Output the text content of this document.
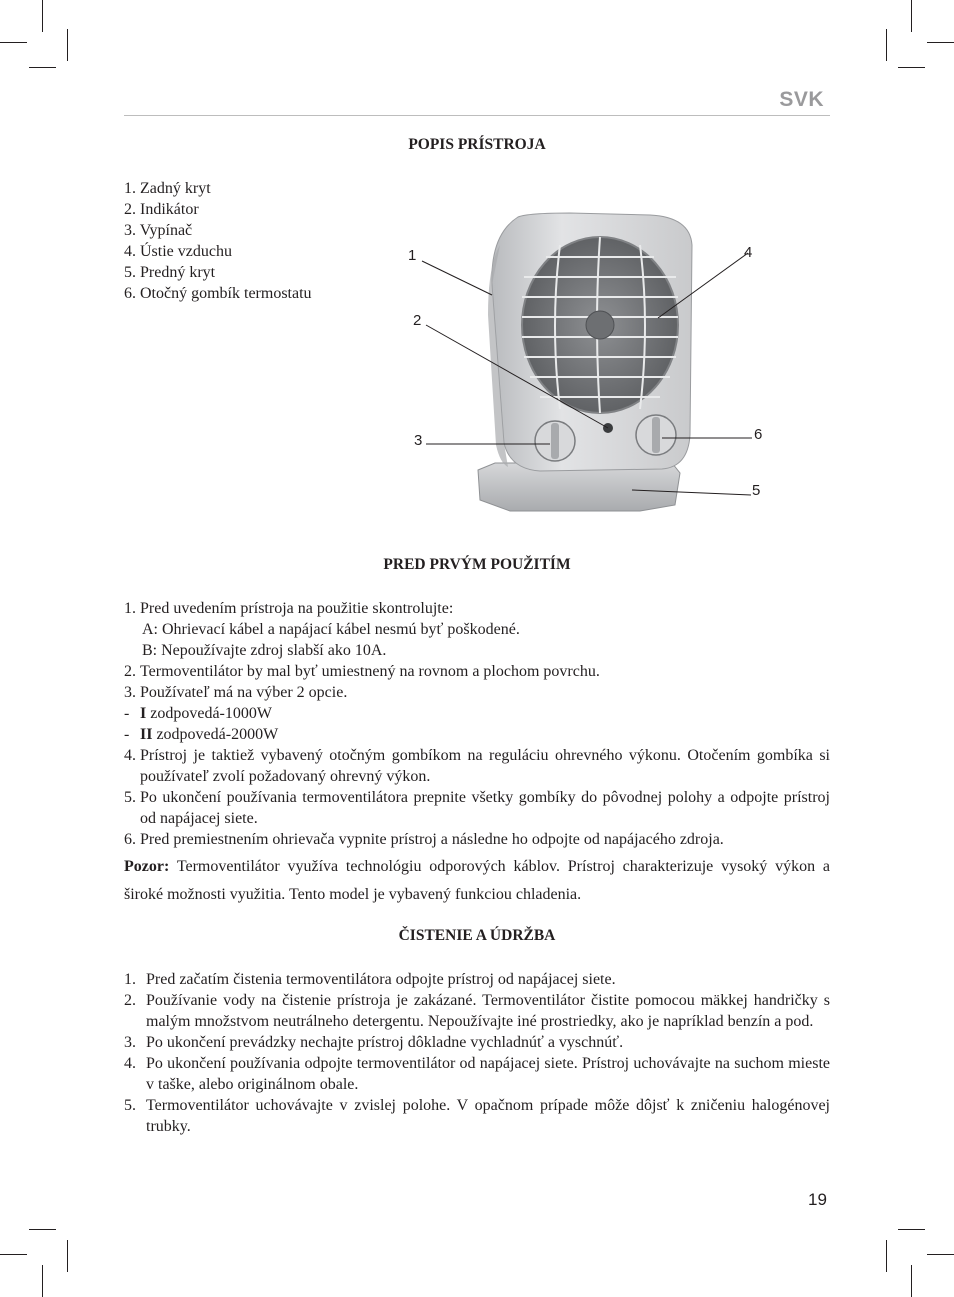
SVK
POPIS PRÍSTROJA
1. Zadný kryt
2. Indikátor
3. Vypínač
4. Ústie vzduchu
5. Predný kryt
6. Otočný gombík termostatu
1
2
3
4
5
6
PRED PRVÝM POUŽITÍM
1. Pred uvedením prístroja na použitie skontrolujte:
A: Ohrievací kábel a napájací kábel nesmú byť poškodené.
B: Nepoužívajte zdroj slabší ako 10A.
2. Termoventilátor by mal byť umiestnený na rovnom a plochom povrchu.
3. Používateľ má na výber 2 opcie.
- I zodpovedá-1000W
- II zodpovedá-2000W
4. Prístroj je taktiež vybavený otočným gombíkom na reguláciu ohrevného výkonu. Otočením gombíka si používateľ zvolí požadovaný ohrevný výkon.
5. Po ukončení používania termoventilátora prepnite všetky gombíky do pôvodnej polohy a odpojte prístroj od napájacej siete.
6. Pred premiestnením ohrievača vypnite prístroj a následne ho odpojte od napájacého zdroja.
Pozor: Termoventilátor využíva technológiu odporových káblov. Prístroj charakterizuje vysoký výkon a široké možnosti využitia. Tento model je vybavený funkciou chladenia.
ČISTENIE A ÚDRŽBA
1. Pred začatím čistenia termoventilátora odpojte prístroj od napájacej siete.
2. Používanie vody na čistenie prístroja je zakázané. Termoventilátor čistite pomocou mäkkej handričky s malým množstvom neutrálneho detergentu. Nepoužívajte iné prostriedky, ako je napríklad benzín a pod.
3. Po ukončení prevádzky nechajte prístroj dôkladne vychladnúť a vyschnúť.
4. Po ukončení používania odpojte termoventilátor od napájacej siete. Prístroj uchovávajte na suchom mieste v taške, alebo originálnom obale.
5. Termoventilátor uchovávajte v zvislej polohe. V opačnom prípade môže dôjsť k zničeniu halogénovej trubky.
19
